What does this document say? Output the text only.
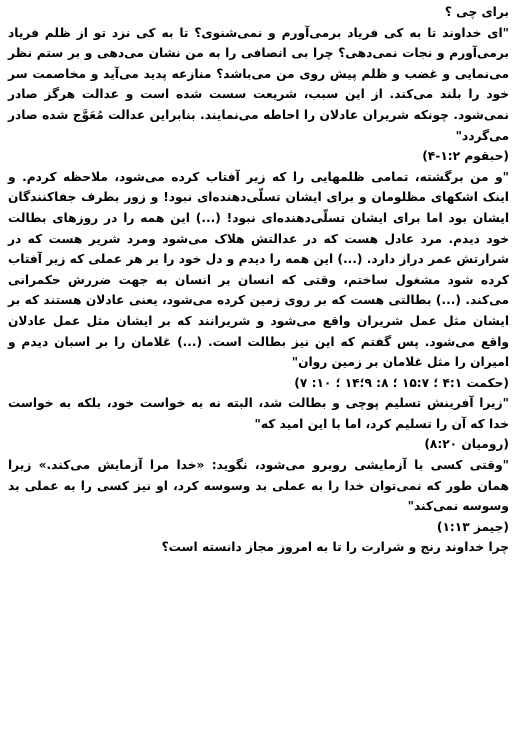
برای چی ؟

"ای خداوند تا به کی فریاد برمی‌آورم و نمی‌شنوی؟ تا به کی نزد تو از ظلم فریاد برمی‌آورم و نجات نمی‌دهی؟ چرا بی انصافی را به من نشان می‌دهی و بر ستم نظر می‌نمایی و غضب و ظلم پیش روی من می‌باشد؟ منازعه پدید می‌آید و مخاصمت سر خود را بلند می‌کند. از این سبب، شریعت سست شده است و عدالت هرگز صادر نمی‌شود. چونکه شریران عادلان را احاطه می‌نمایند. بنابراین عدالت مُعَوَّج شده صادر می‌گردد"

(حبقوم ۱:۲-۴)

"و من برگشته، تمامی ظلمهایی را که زیر آفتاب کرده می‌شود، ملاحظه کردم. و اینک اشکهای مظلومان و برای ایشان تسلّی‌دهنده‌ای نبود! و زور بطرف جفاکنندگان ایشان بود اما برای ایشان تسلّی‌دهنده‌ای نبود! (...) این همه را در روزهای بطالت خود دیدم. مرد عادل هست که در عدالتش هلاک می‌شود ومرد شریر هست که در شرارتش عمر دراز دارد. (...) این همه را دیدم و دل خود را بر هر عملی که زیر آفتاب کرده شود مشغول ساختم، وقتی که انسان بر انسان به جهت ضررش حکمرانی می‌کند. (...) بطالتی هست که بر روی زمین کرده می‌شود، یعنی عادلان هستند که بر ایشان مثل عمل شریران واقع می‌شود و شریرانند که بر ایشان مثل عمل عادلان واقع می‌شود. پس گفتم که این نیز بطالت است. (...) غلامان را بر اسبان دیدم و امیران را مثل غلامان بر زمین روان"

(حکمت ۴:۱ ؛ ۱۵:۷ ؛ ۸: ۹؛۱۴ ؛ ۱۰: ۷)

"زیرا آفرینش تسلیم پوچی و بطالت شد، البته نه به خواست خود، بلکه به خواست خدا که آن را تسلیم کرد، اما با این امید که"

(رومیان ۸:۲۰)

"وقتی کسی با آزمایشی روبرو می‌شود، نگوید: «خدا مرا آزمایش می‌کند.» زیرا همان طور که نمی‌توان خدا را به عملی بد وسوسه کرد، او نیز کسی را به عملی بد وسوسه نمی‌کند"

(جیمز ۱:۱۳)

چرا خداوند رنج و شرارت را تا به امروز مجاز دانسته است؟
